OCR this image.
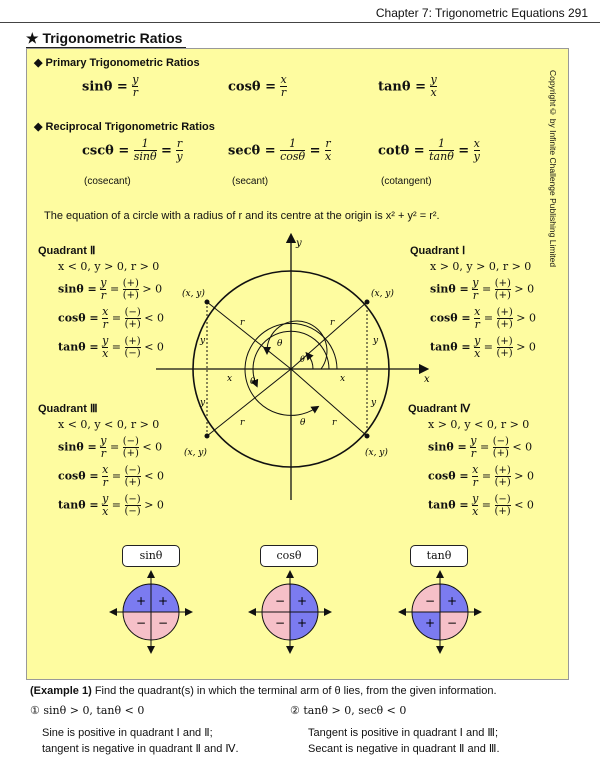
Chapter 7: Trigonometric Equations 291
★ Trigonometric Ratios
Copyright© by Infinite Challenge Publishing Limited
◆ Primary Trigonometric Ratios
$\sin\theta = \frac{y}{r}$	$\cos\theta = \frac{x}{r}$	$\tan\theta = \frac{y}{x}$
◆ Reciprocal Trigonometric Ratios
$\csc\theta = \frac{1}{\sin\theta} = \frac{r}{y}$	$\sec\theta = \frac{1}{\cos\theta} = \frac{r}{x}$	$\cot\theta = \frac{1}{\tan\theta} = \frac{x}{y}$
(cosecant)	(secant)	(cotangent)
The equation of a circle with a radius of r and its centre at the origin is x² + y² = r².
Quadrant Ⅱ
x < 0, y > 0, r > 0
$\sin\theta = \frac{y}{r}$ = (+)
(+) > 0
$\cos\theta = \frac{x}{r}$ = (−)
(+) < 0
$\tan\theta = \frac{y}{x}$ = (+)
(−) < 0
Quadrant Ⅰ
x > 0, y > 0, r > 0
$\sin\theta = \frac{y}{r}$ = (+)
(+) > 0
$\cos\theta = \frac{x}{r}$ = (+)
(+) > 0
$\tan\theta = \frac{y}{x}$ = (+)
(+) > 0
Quadrant Ⅲ
x < 0, y < 0, r > 0
$\sin\theta = \frac{y}{r}$ = (−)
(+) < 0
$\cos\theta = \frac{x}{r}$ = (−)
(+) < 0
$\tan\theta = \frac{y}{x}$ = (−)
(−) > 0
Quadrant Ⅳ
x > 0, y < 0, r > 0
$\sin\theta = \frac{y}{r}$ = (−)
(+) < 0
$\cos\theta = \frac{x}{r}$ = (+)
(+) > 0
$\tan\theta = \frac{y}{x}$ = (−)
(+) < 0
y
x
(x, y)
(x, y)
(x, y)	(x, y)
r
r
r	r
y
y
y	y
x
x
θ
θ
θ
θ
sinθ	cosθ	tanθ
+
+
− −
+
−
− +
+
−
+ −
(Example 1) Find the quadrant(s) in which the terminal arm of θ lies, from the given information.
① sinθ > 0, tanθ < 0	② tanθ > 0, secθ < 0
Sine is positive in quadrant Ⅰ and Ⅱ;
tangent is negative in quadrant Ⅱ and Ⅳ.
Tangent is positive in quadrant Ⅰ and Ⅲ;
Secant is negative in quadrant Ⅱ and Ⅲ.
